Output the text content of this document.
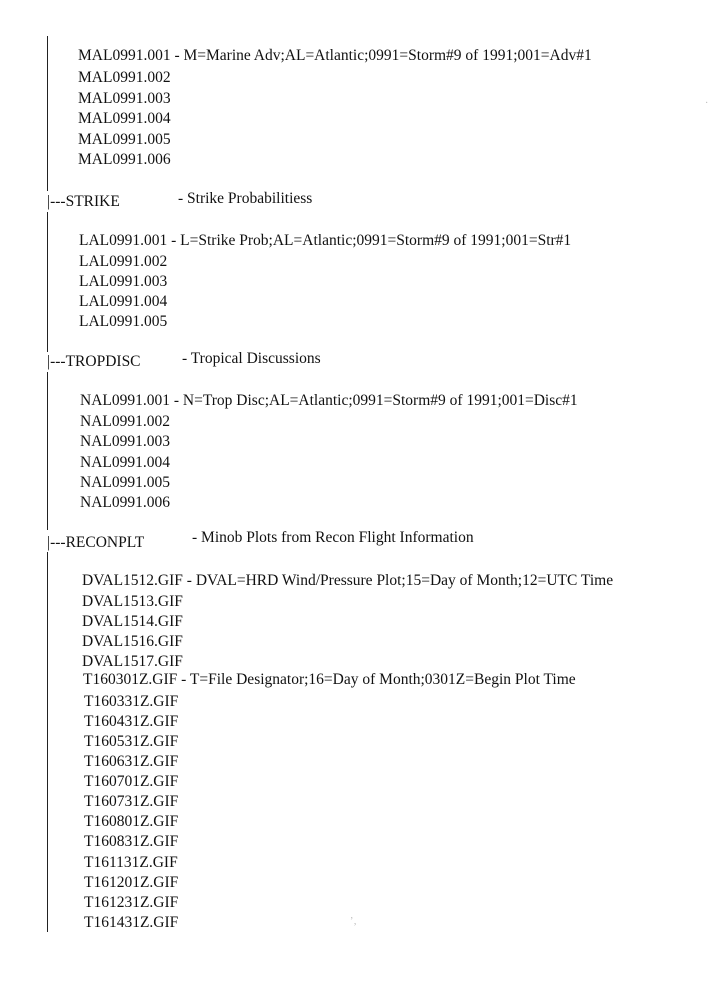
MAL0991.001 - M=Marine Adv;AL=Atlantic;0991=Storm#9 of 1991;001=Adv#1
MAL0991.002
MAL0991.003
MAL0991.004
MAL0991.005
MAL0991.006
|---STRIKE	- Strike Probabilitiess
LAL0991.001 - L=Strike Prob;AL=Atlantic;0991=Storm#9 of 1991;001=Str#1
LAL0991.002
LAL0991.003
LAL0991.004
LAL0991.005
|---TROPDISC	- Tropical Discussions
NAL0991.001 - N=Trop Disc;AL=Atlantic;0991=Storm#9 of 1991;001=Disc#1
NAL0991.002
NAL0991.003
NAL0991.004
NAL0991.005
NAL0991.006
|---RECONPLT	- Minob Plots from Recon Flight Information
DVAL1512.GIF - DVAL=HRD Wind/Pressure Plot;15=Day of Month;12=UTC Time
DVAL1513.GIF
DVAL1514.GIF
DVAL1516.GIF
DVAL1517.GIF
T160301Z.GIF - T=File Designator;16=Day of Month;0301Z=Begin Plot Time
T160331Z.GIF
T160431Z.GIF
T160531Z.GIF
T160631Z.GIF
T160701Z.GIF
T160731Z.GIF
T160801Z.GIF
T160831Z.GIF
T161131Z.GIF
T161201Z.GIF
T161231Z.GIF
T161431Z.GIF	ʼ‚
·
